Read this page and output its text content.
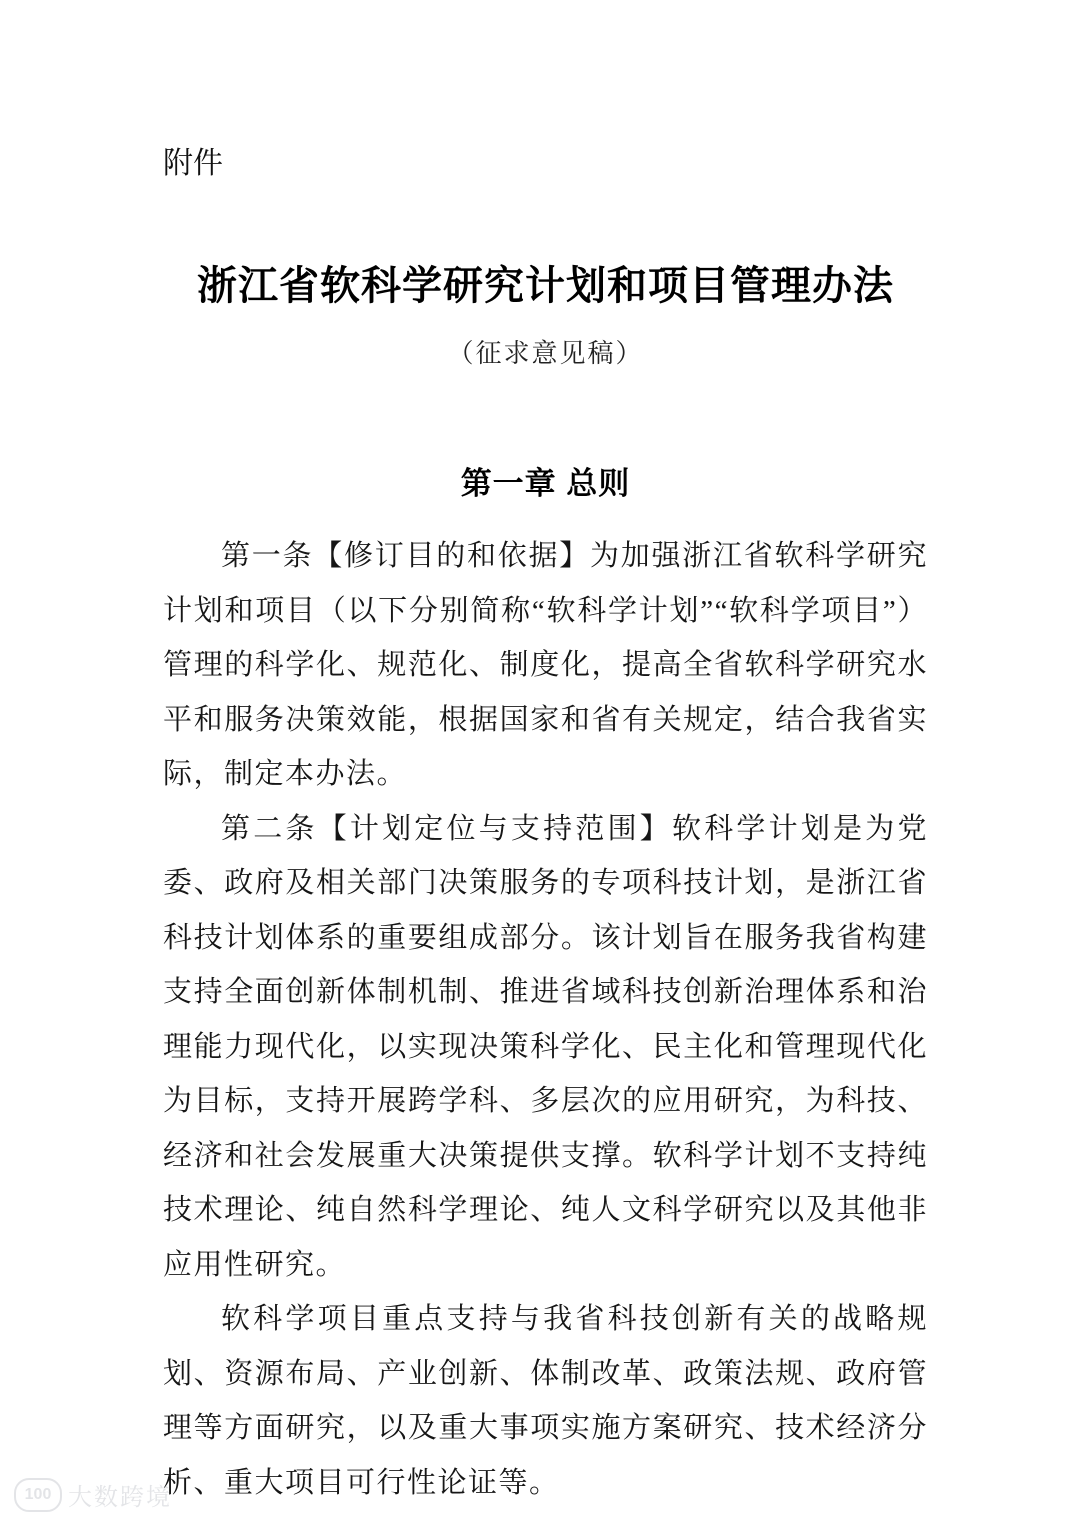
附件
浙江省软科学研究计划和项目管理办法
（征求意见稿）
第一章 总则

第一条【修订目的和依据】为加强浙江省软科学研究计划和项目（以下分别简称“软科学计划”“软科学项目”）管理的科学化、规范化、制度化，提高全省软科学研究水平和服务决策效能，根据国家和省有关规定，结合我省实际，制定本办法。

第二条【计划定位与支持范围】软科学计划是为党委、政府及相关部门决策服务的专项科技计划，是浙江省科技计划体系的重要组成部分。该计划旨在服务我省构建支持全面创新体制机制、推进省域科技创新治理体系和治理能力现代化，以实现决策科学化、民主化和管理现代化为目标，支持开展跨学科、多层次的应用研究，为科技、经济和社会发展重大决策提供支撑。软科学计划不支持纯技术理论、纯自然科学理论、纯人文科学研究以及其他非应用性研究。

软科学项目重点支持与我省科技创新有关的战略规划、资源布局、产业创新、体制改革、政策法规、政府管理等方面研究，以及重大事项实施方案研究、技术经济分析、重大项目可行性论证等。

100 大数跨境
